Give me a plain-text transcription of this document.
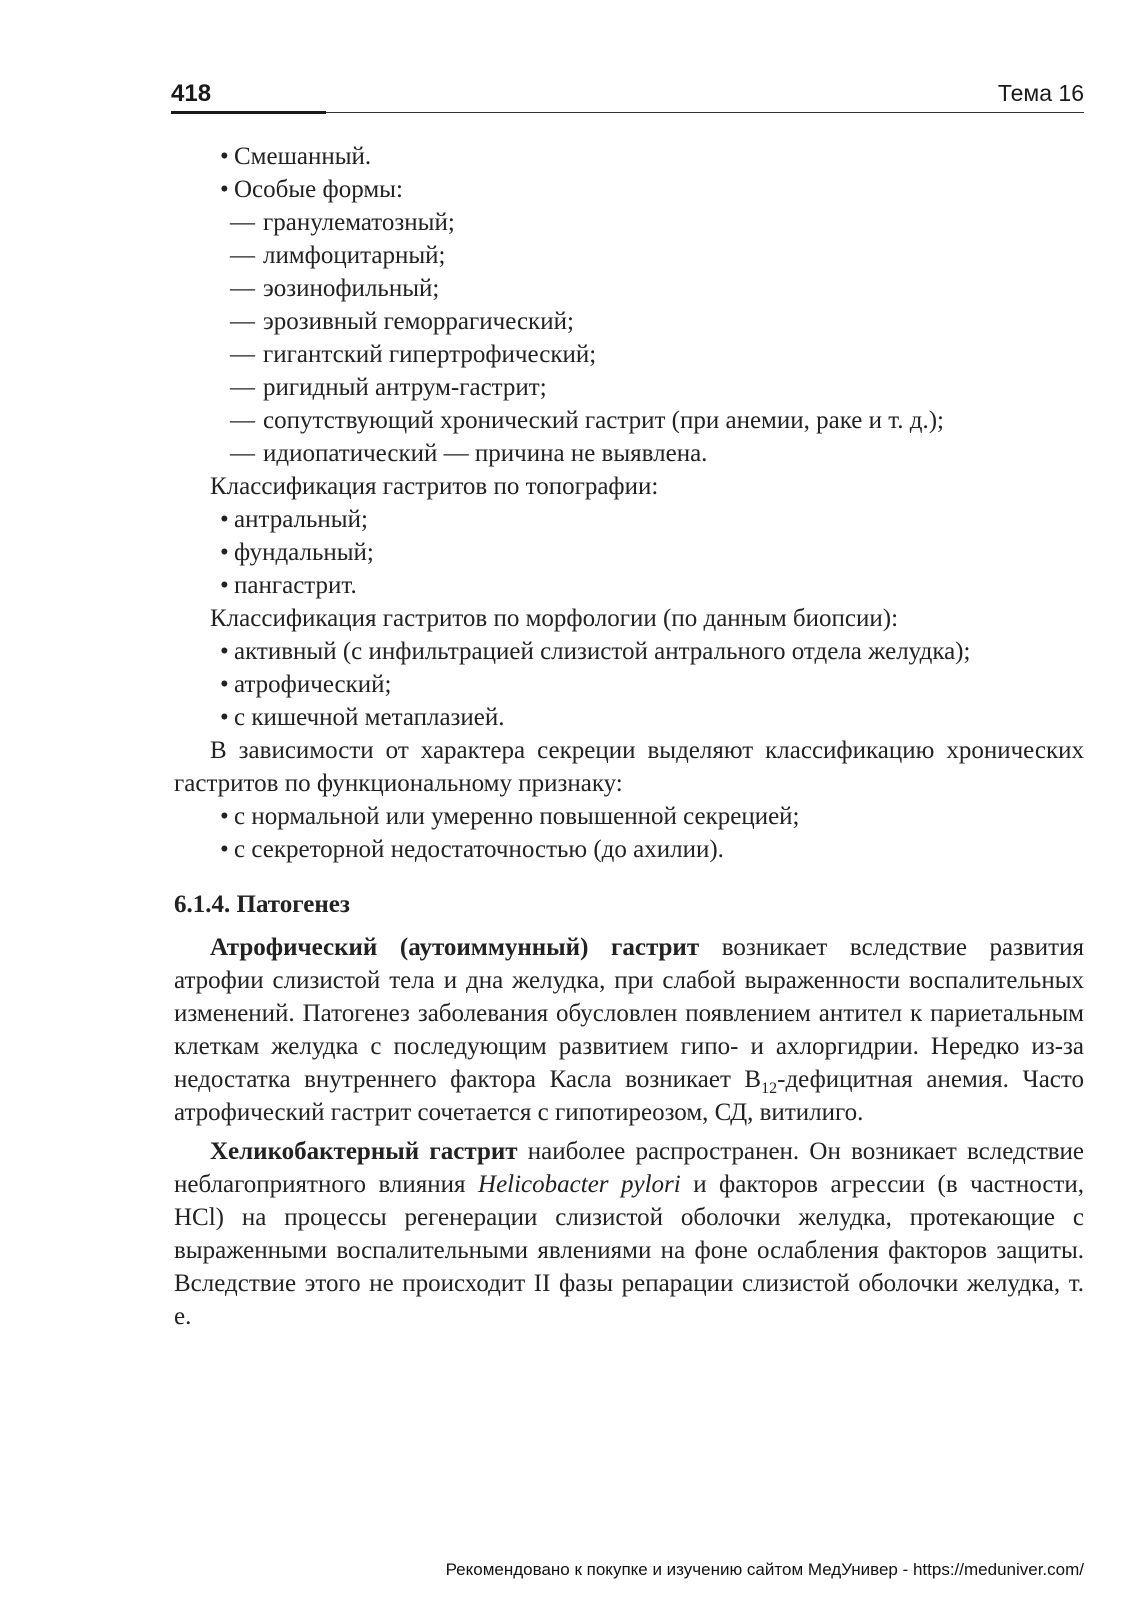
418	Тема 16
• Смешанный.
• Особые формы:
— гранулематозный;
— лимфоцитарный;
— эозинофильный;
— эрозивный геморрагический;
— гигантский гипертрофический;
— ригидный антрум-гастрит;
— сопутствующий хронический гастрит (при анемии, раке и т. д.);
— идиопатический — причина не выявлена.
Классификация гастритов по топографии:
• антральный;
• фундальный;
• пангастрит.
Классификация гастритов по морфологии (по данным биопсии):
• активный (с инфильтрацией слизистой антрального отдела желудка);
• атрофический;
• с кишечной метаплазией.
В зависимости от характера секреции выделяют классификацию хронических гастритов по функциональному признаку:
• с нормальной или умеренно повышенной секрецией;
• с секреторной недостаточностью (до ахилии).
6.1.4. Патогенез
Атрофический (аутоиммунный) гастрит возникает вследствие развития атрофии слизистой тела и дна желудка, при слабой выраженности воспалительных изменений. Патогенез заболевания обусловлен появлением антител к париетальным клеткам желудка с последующим развитием гипо- и ахлоргидрии. Нередко из-за недостатка внутреннего фактора Касла возникает $B_{12}$-дефицитная анемия. Часто атрофический гастрит сочетается с гипотиреозом, СД, витилиго.
Хеликобактерный гастрит наиболее распространен. Он возникает вследствие неблагоприятного влияния Helicobacter pylori и факторов агрессии (в частности, HCl) на процессы регенерации слизистой оболочки желудка, протекающие с выраженными воспалительными явлениями на фоне ослабления факторов защиты. Вследствие этого не происходит II фазы репарации слизистой оболочки желудка, т. е.
Рекомендовано к покупке и изучению сайтом МедУнивер - https://meduniver.com/
